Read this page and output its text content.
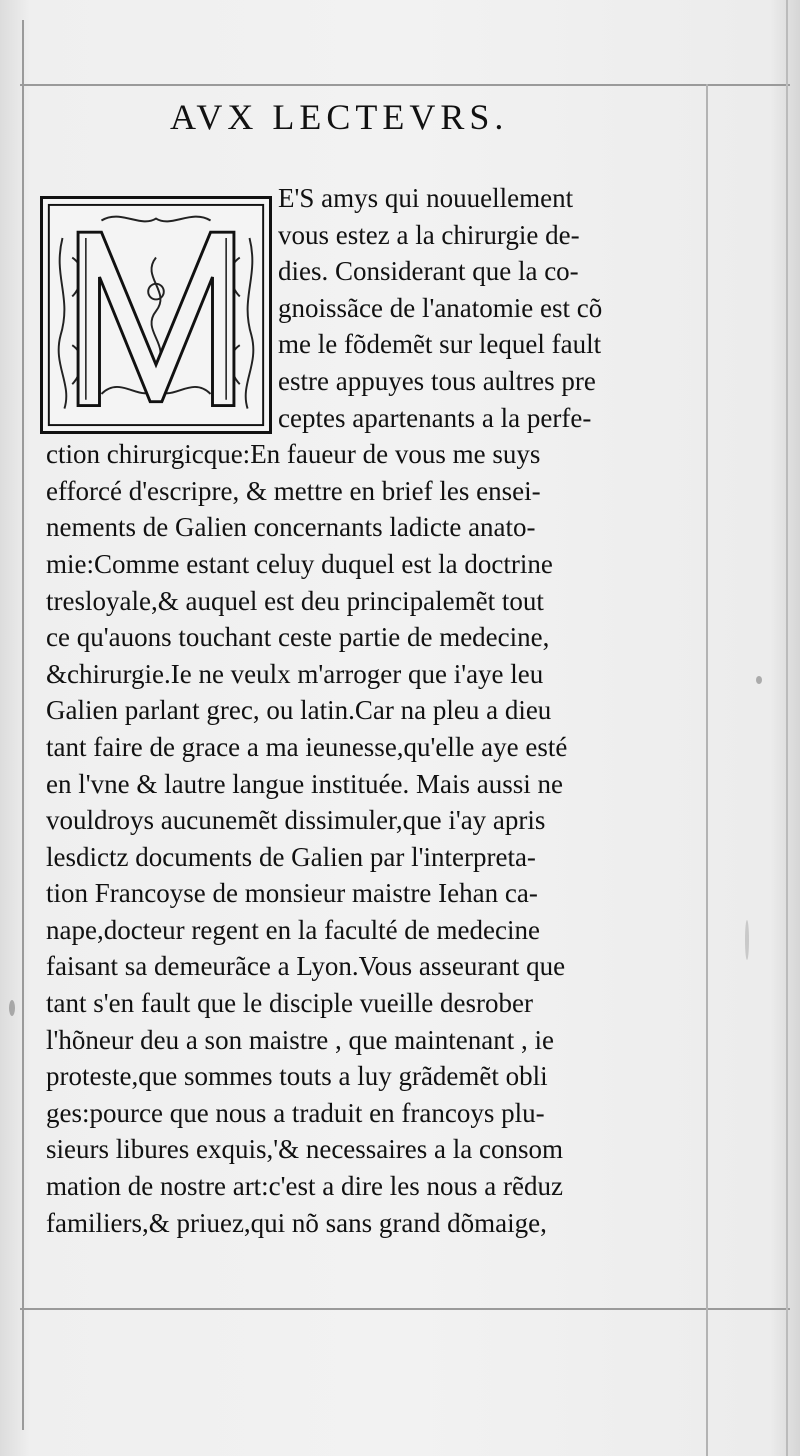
AVX LECTEVRS.
E'S amys qui nouuellement
vous estez a la chirurgie de-
dies. Considerant que la co-
gnoissãce de l'anatomie est cõ
me le fõdemẽt sur lequel fault
estre appuyes tous aultres pre
ceptes apartenants a la perfe-
ction chirurgicque:En faueur de vous me suys
efforcé d'escripre, & mettre en brief les ensei-
nements de Galien concernants ladicte anato-
mie:Comme estant celuy duquel est la doctrine
tresloyale,& auquel est deu principalemẽt tout
ce qu'auons touchant ceste partie de medecine,
&chirurgie.Ie ne veulx m'arroger que i'aye leu
Galien parlant grec, ou latin.Car na pleu a dieu
tant faire de grace a ma ieunesse,qu'elle aye esté
en l'vne & lautre langue instituée. Mais aussi ne
vouldroys aucunemẽt dissimuler,que i'ay apris
lesdictz documents de Galien par l'interpreta-
tion Francoyse de monsieur maistre Iehan ca-
nape,docteur regent en la faculté de medecine
faisant sa demeurãce a Lyon.Vous asseurant que
tant s'en fault que le disciple vueille desrober
l'hõneur deu a son maistre , que maintenant , ie
proteste,que sommes touts a luy grãdemẽt obli
ges:pource que nous a traduit en francoys plu-
sieurs libures exquis,'& necessaires a la consom
mation de nostre art:c'est a dire les nous a rẽduz
familiers,& priuez,qui nõ sans grand dõmaige,
